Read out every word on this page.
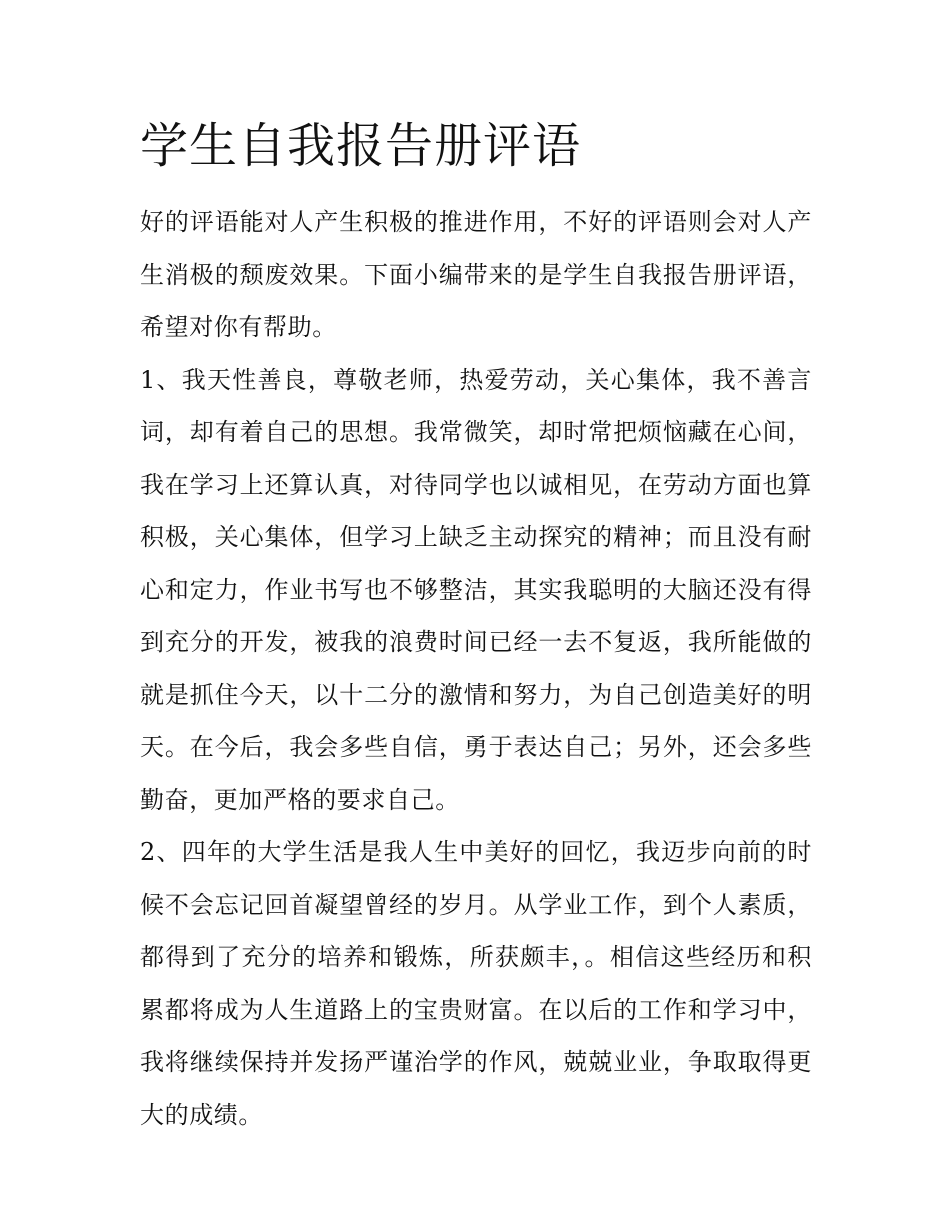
学生自我报告册评语

好的评语能对人产生积极的推进作用，不好的评语则会对人产生消极的颓废效果。下面小编带来的是学生自我报告册评语，希望对你有帮助。

1、我天性善良，尊敬老师，热爱劳动，关心集体，我不善言词，却有着自己的思想。我常微笑，却时常把烦恼藏在心间，我在学习上还算认真，对待同学也以诚相见，在劳动方面也算积极，关心集体，但学习上缺乏主动探究的精神；而且没有耐心和定力，作业书写也不够整洁，其实我聪明的大脑还没有得到充分的开发，被我的浪费时间已经一去不复返，我所能做的就是抓住今天，以十二分的激情和努力，为自己创造美好的明天。在今后，我会多些自信，勇于表达自己；另外，还会多些勤奋，更加严格的要求自己。

2、四年的大学生活是我人生中美好的回忆，我迈步向前的时候不会忘记回首凝望曾经的岁月。从学业工作，到个人素质，都得到了充分的培养和锻炼，所获颇丰，。相信这些经历和积累都将成为人生道路上的宝贵财富。在以后的工作和学习中，我将继续保持并发扬严谨治学的作风，兢兢业业，争取取得更大的成绩。
